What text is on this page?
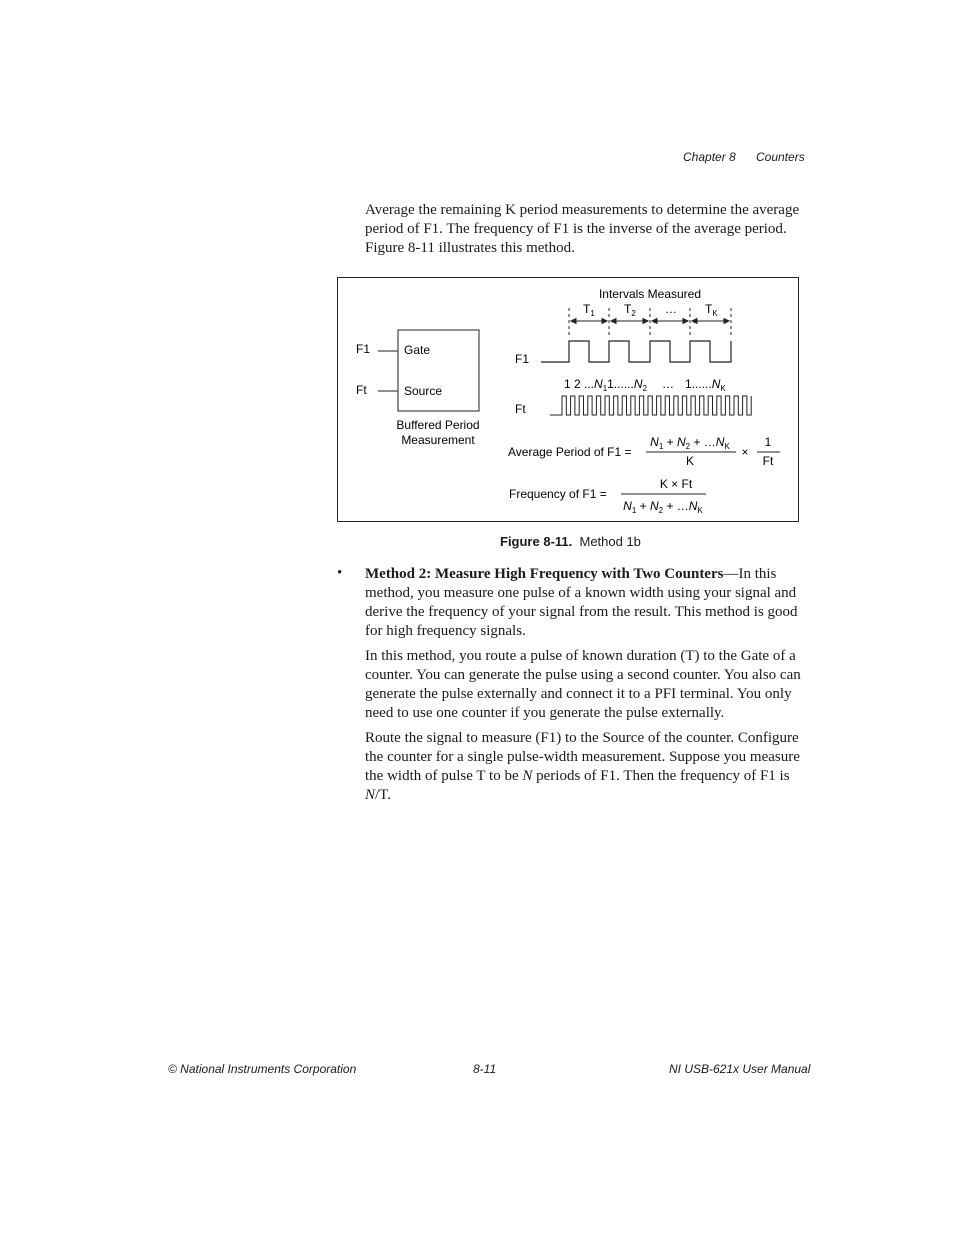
Chapter 8 Counters

Average the remaining K period measurements to determine the average period of F1. The frequency of F1 is the inverse of the average period. Figure 8-11 illustrates this method.

F1
Ft
Gate
Source
Buffered Period
Measurement
Intervals Measured
$T_1$ $T_2$ … $T_K$
F1
1 2 $...N_11......N_2$ … $1......N_K$
Ft
Average Period of F1 =
$N_1 + N_2$ + $\dots N_K$
K
×
1
Ft
Frequency of F1 =
K × Ft
$N_1 + N_2$ + $\dots N_K$
Figure 8-11. Method 1b
• Method 2: Measure High Frequency with Two Counters—In this method, you measure one pulse of a known width using your signal and derive the frequency of your signal from the result. This method is good for high frequency signals.

In this method, you route a pulse of known duration (T) to the Gate of a counter. You can generate the pulse using a second counter. You also can generate the pulse externally and connect it to a PFI terminal. You only need to use one counter if you generate the pulse externally.

Route the signal to measure (F1) to the Source of the counter. Configure the counter for a single pulse-width measurement. Suppose you measure the width of pulse T to be N periods of F1. Then the frequency of F1 is N/T.

© National Instruments Corporation	8-11	NI USB-621x User Manual
